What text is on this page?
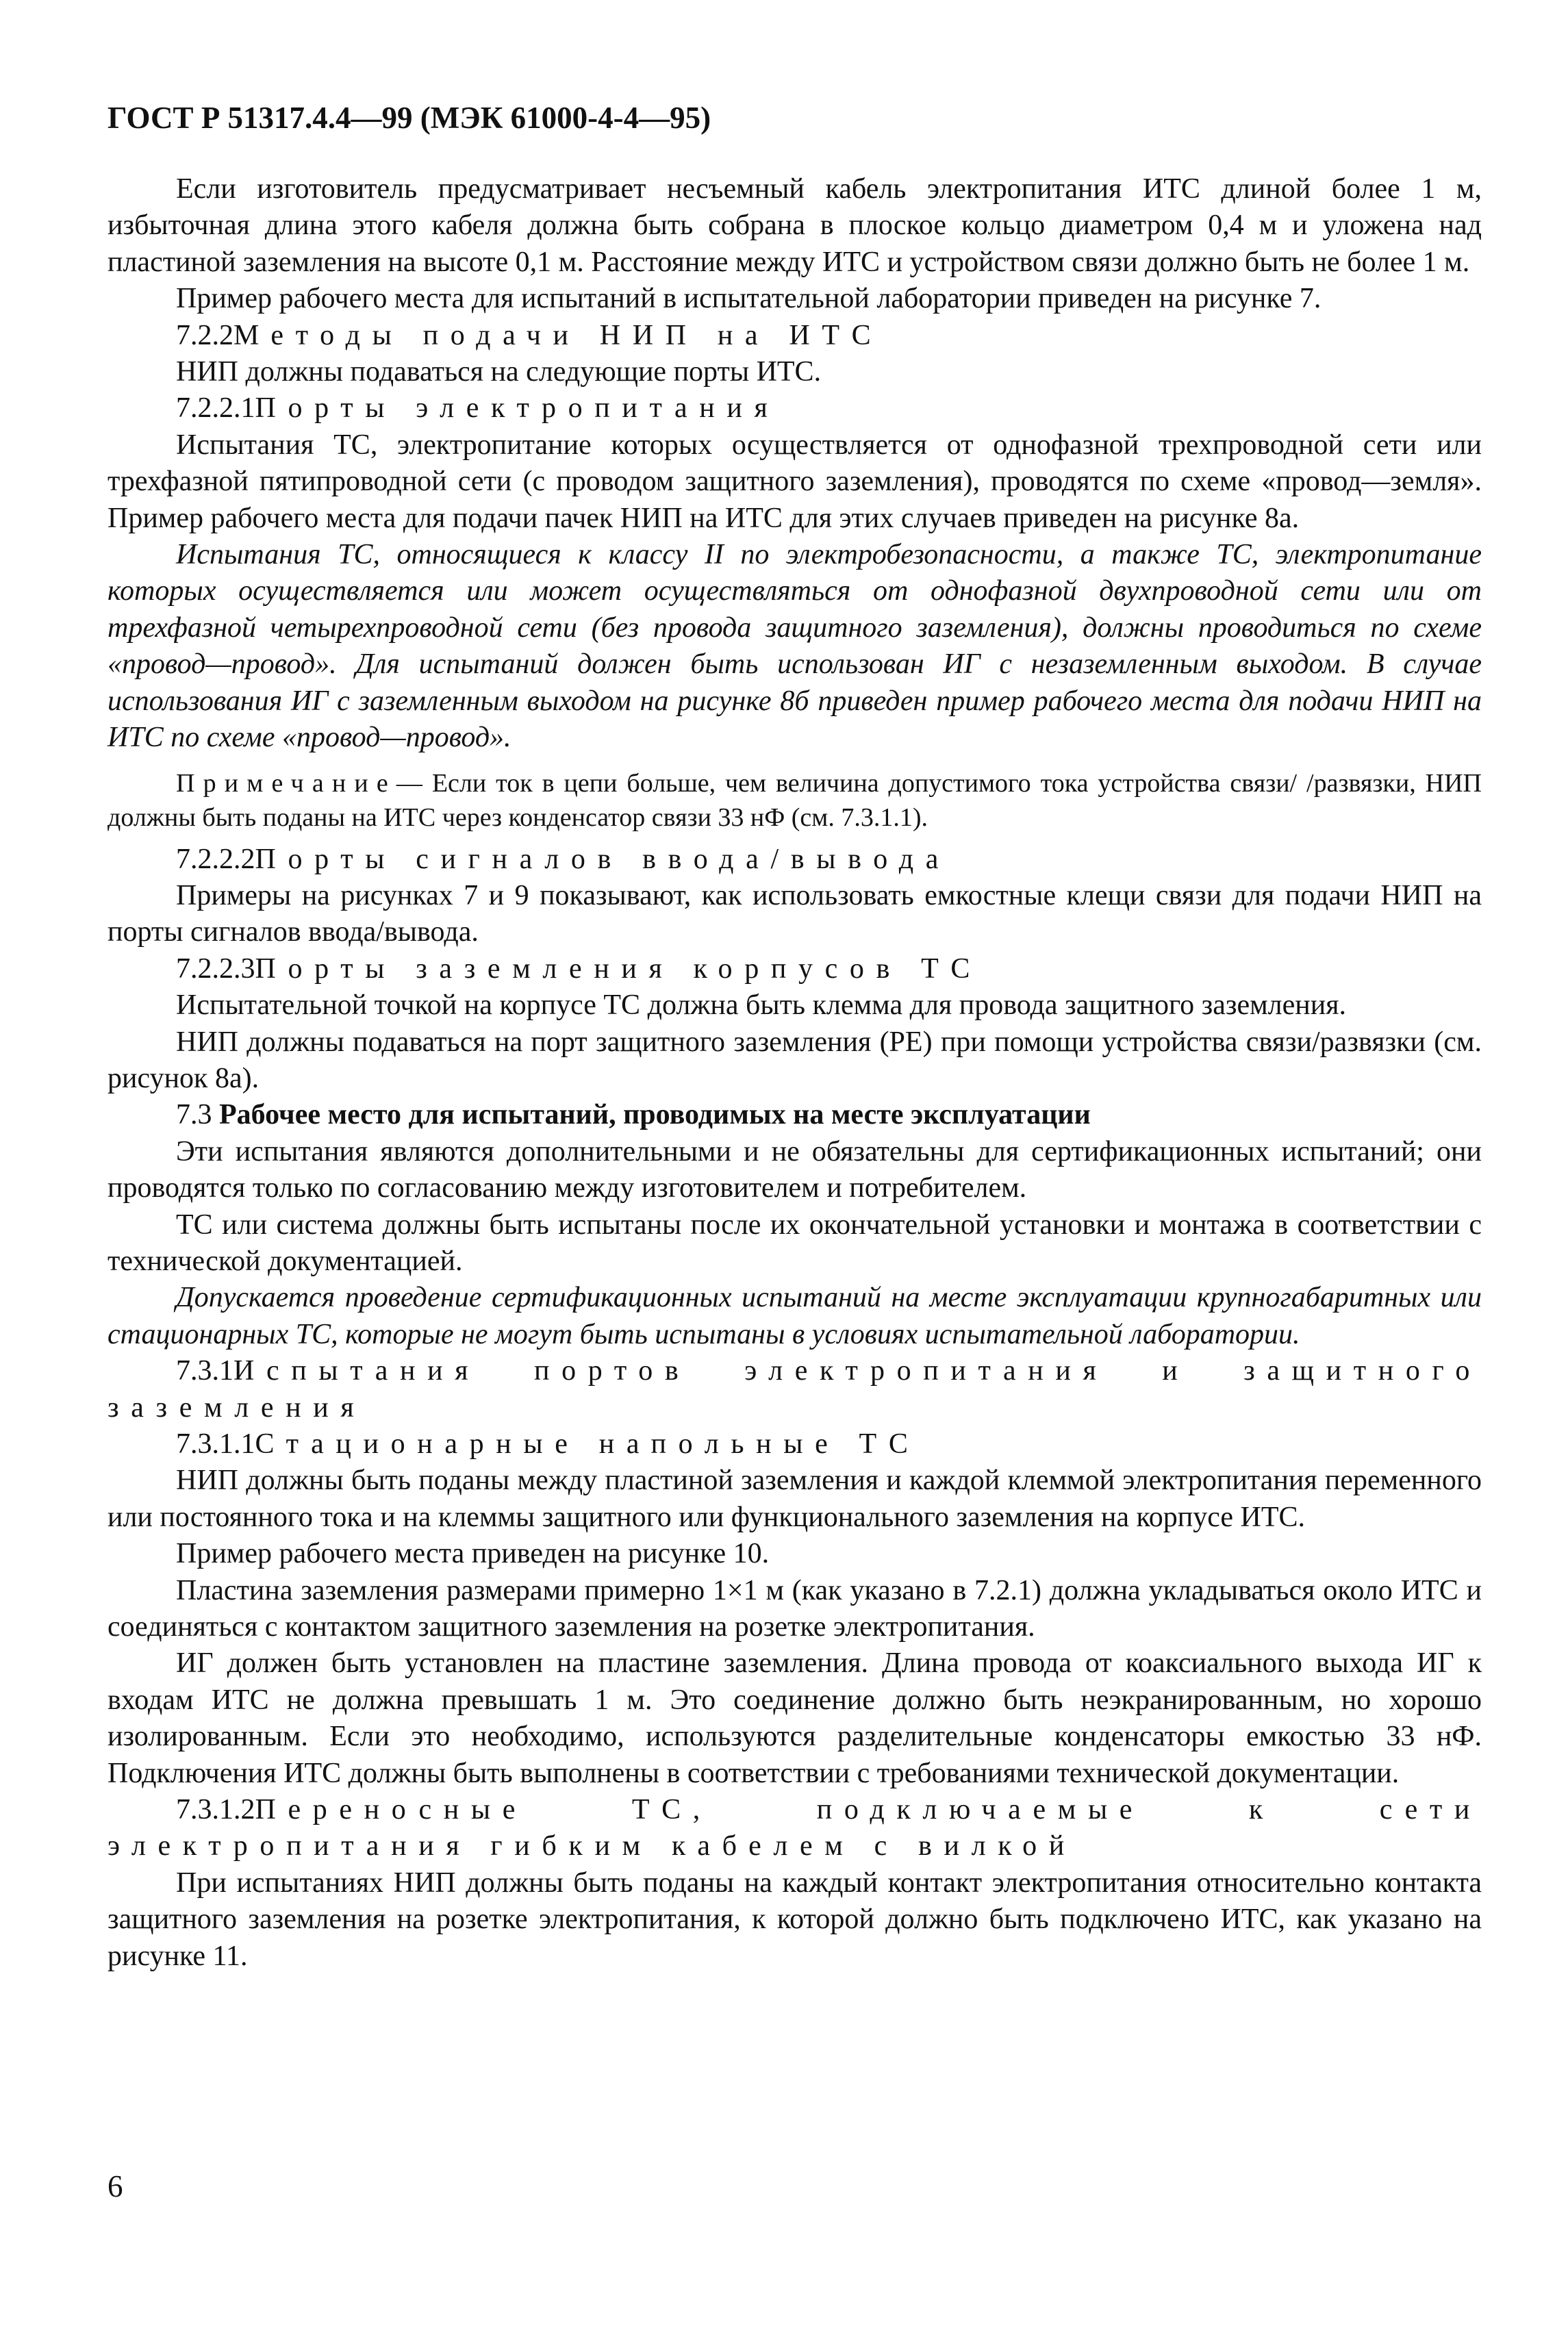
ГОСТ Р 51317.4.4—99 (МЭК 61000-4-4—95)

Если изготовитель предусматривает несъемный кабель электропитания ИТС длиной более 1 м, избыточная длина этого кабеля должна быть собрана в плоское кольцо диаметром 0,4 м и уложена над пластиной заземления на высоте 0,1 м. Расстояние между ИТС и устройством связи должно быть не более 1 м.

Пример рабочего места для испытаний в испытательной лаборатории приведен на рисунке 7.

7.2.2Методы подачи НИП на ИТС

НИП должны подаваться на следующие порты ИТС.

7.2.2.1Порты электропитания

Испытания ТС, электропитание которых осуществляется от однофазной трехпроводной сети или трехфазной пятипроводной сети (с проводом защитного заземления), проводятся по схеме «провод—земля». Пример рабочего места для подачи пачек НИП на ИТС для этих случаев приведен на рисунке 8а.

Испытания ТС, относящиеся к классу II по электробезопасности, а также ТС, электропитание которых осуществляется или может осуществляться от однофазной двухпроводной сети или от трехфазной четырехпроводной сети (без провода защитного заземления), должны проводиться по схеме «провод—провод». Для испытаний должен быть использован ИГ с незаземленным выходом. В случае использования ИГ с заземленным выходом на рисунке 8б приведен пример рабочего места для подачи НИП на ИТС по схеме «провод—провод».

Примечание— Если ток в цепи больше, чем величина допустимого тока устройства связи/ /развязки, НИП должны быть поданы на ИТС через конденсатор связи 33 нФ (см. 7.3.1.1).

7.2.2.2Порты сигналов ввода/вывода

Примеры на рисунках 7 и 9 показывают, как использовать емкостные клещи связи для подачи НИП на порты сигналов ввода/вывода.

7.2.2.3Порты заземления корпусов ТС

Испытательной точкой на корпусе ТС должна быть клемма для провода защитного заземления.

НИП должны подаваться на порт защитного заземления (РЕ) при помощи устройства связи/развязки (см. рисунок 8а).

7.3 Рабочее место для испытаний, проводимых на месте эксплуатации

Эти испытания являются дополнительными и не обязательны для сертификационных испытаний; они проводятся только по согласованию между изготовителем и потребителем.

ТС или система должны быть испытаны после их окончательной установки и монтажа в соответствии с технической документацией.

Допускается проведение сертификационных испытаний на месте эксплуатации крупногабаритных или стационарных ТС, которые не могут быть испытаны в условиях испытательной лаборатории.

7.3.1Испытания портов электропитания и защитного заземления

7.3.1.1Стационарные напольные ТС

НИП должны быть поданы между пластиной заземления и каждой клеммой электропитания переменного или постоянного тока и на клеммы защитного или функционального заземления на корпусе ИТС.

Пример рабочего места приведен на рисунке 10.

Пластина заземления размерами примерно 1×1 м (как указано в 7.2.1) должна укладываться около ИТС и соединяться с контактом защитного заземления на розетке электропитания.

ИГ должен быть установлен на пластине заземления. Длина провода от коаксиального выхода ИГ к входам ИТС не должна превышать 1 м. Это соединение должно быть неэкранированным, но хорошо изолированным. Если это необходимо, используются разделительные конденсаторы емкостью 33 нФ. Подключения ИТС должны быть выполнены в соответствии с требованиями технической документации.

7.3.1.2Переносные ТС, подключаемые к сети электропитания гибким кабелем с вилкой

При испытаниях НИП должны быть поданы на каждый контакт электропитания относительно контакта защитного заземления на розетке электропитания, к которой должно быть подключено ИТС, как указано на рисунке 11.

6
